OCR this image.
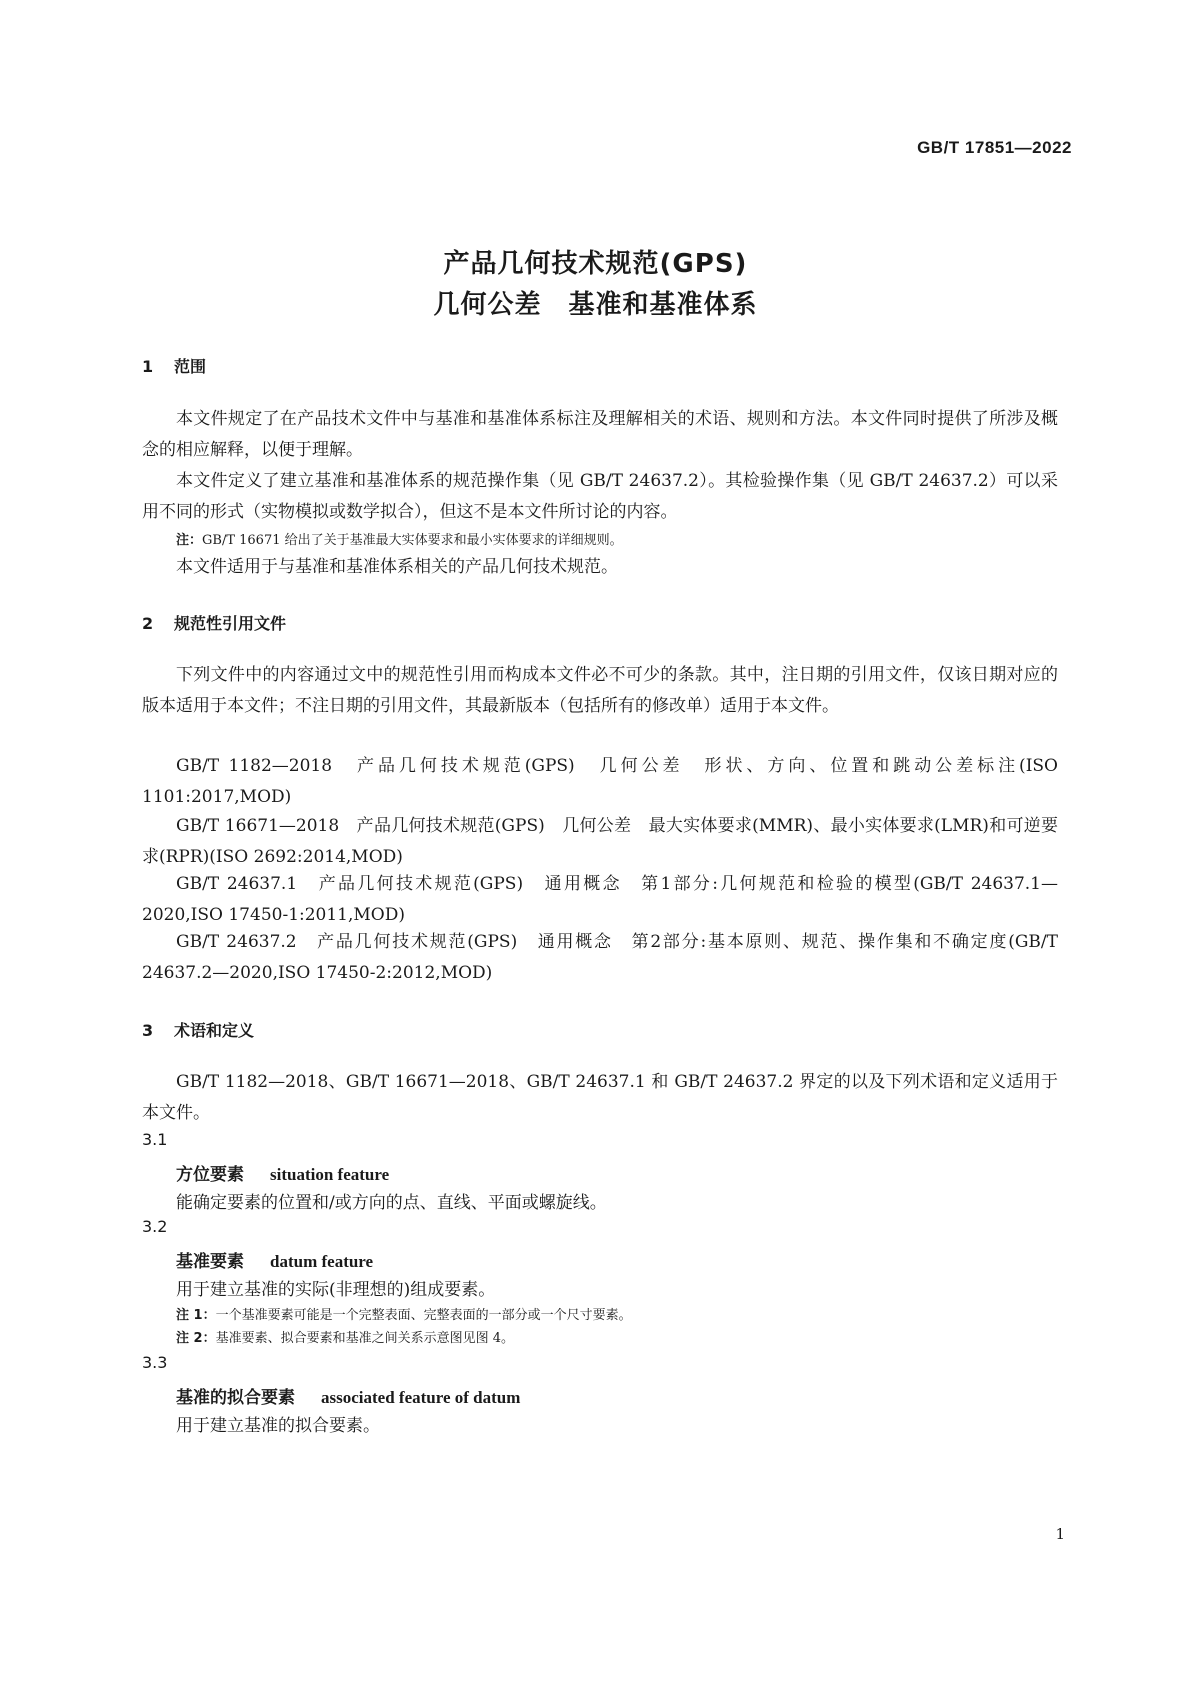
GB/T 17851—2022
产品几何技术规范(GPS)
几何公差　基准和基准体系
1 范围
本文件规定了在产品技术文件中与基准和基准体系标注及理解相关的术语、规则和方法。本文件同时提供了所涉及概念的相应解释，以便于理解。
本文件定义了建立基准和基准体系的规范操作集（见 GB/T 24637.2）。其检验操作集（见 GB/T 24637.2）可以采用不同的形式（实物模拟或数学拟合），但这不是本文件所讨论的内容。
注：GB/T 16671 给出了关于基准最大实体要求和最小实体要求的详细规则。
本文件适用于与基准和基准体系相关的产品几何技术规范。
2 规范性引用文件
下列文件中的内容通过文中的规范性引用而构成本文件必不可少的条款。其中，注日期的引用文件，仅该日期对应的版本适用于本文件；不注日期的引用文件，其最新版本（包括所有的修改单）适用于本文件。
GB/T 1182—2018　产品几何技术规范(GPS)　几何公差　形状、方向、位置和跳动公差标注(ISO 1101:2017,MOD)
GB/T 16671—2018　产品几何技术规范(GPS)　几何公差　最大实体要求(MMR)、最小实体要求(LMR)和可逆要求(RPR)(ISO 2692:2014,MOD)
GB/T 24637.1　产品几何技术规范(GPS)　通用概念　第1部分:几何规范和检验的模型(GB/T 24637.1—2020,ISO 17450-1:2011,MOD)
GB/T 24637.2　产品几何技术规范(GPS)　通用概念　第2部分:基本原则、规范、操作集和不确定度(GB/T 24637.2—2020,ISO 17450-2:2012,MOD)
3 术语和定义
GB/T 1182—2018、GB/T 16671—2018、GB/T 24637.1 和 GB/T 24637.2 界定的以及下列术语和定义适用于本文件。
3.1
方位要素 situation feature
能确定要素的位置和/或方向的点、直线、平面或螺旋线。
3.2
基准要素 datum feature
用于建立基准的实际(非理想的)组成要素。
注 1：一个基准要素可能是一个完整表面、完整表面的一部分或一个尺寸要素。
注 2：基准要素、拟合要素和基准之间关系示意图见图 4。
3.3
基准的拟合要素 associated feature of datum
用于建立基准的拟合要素。
1
